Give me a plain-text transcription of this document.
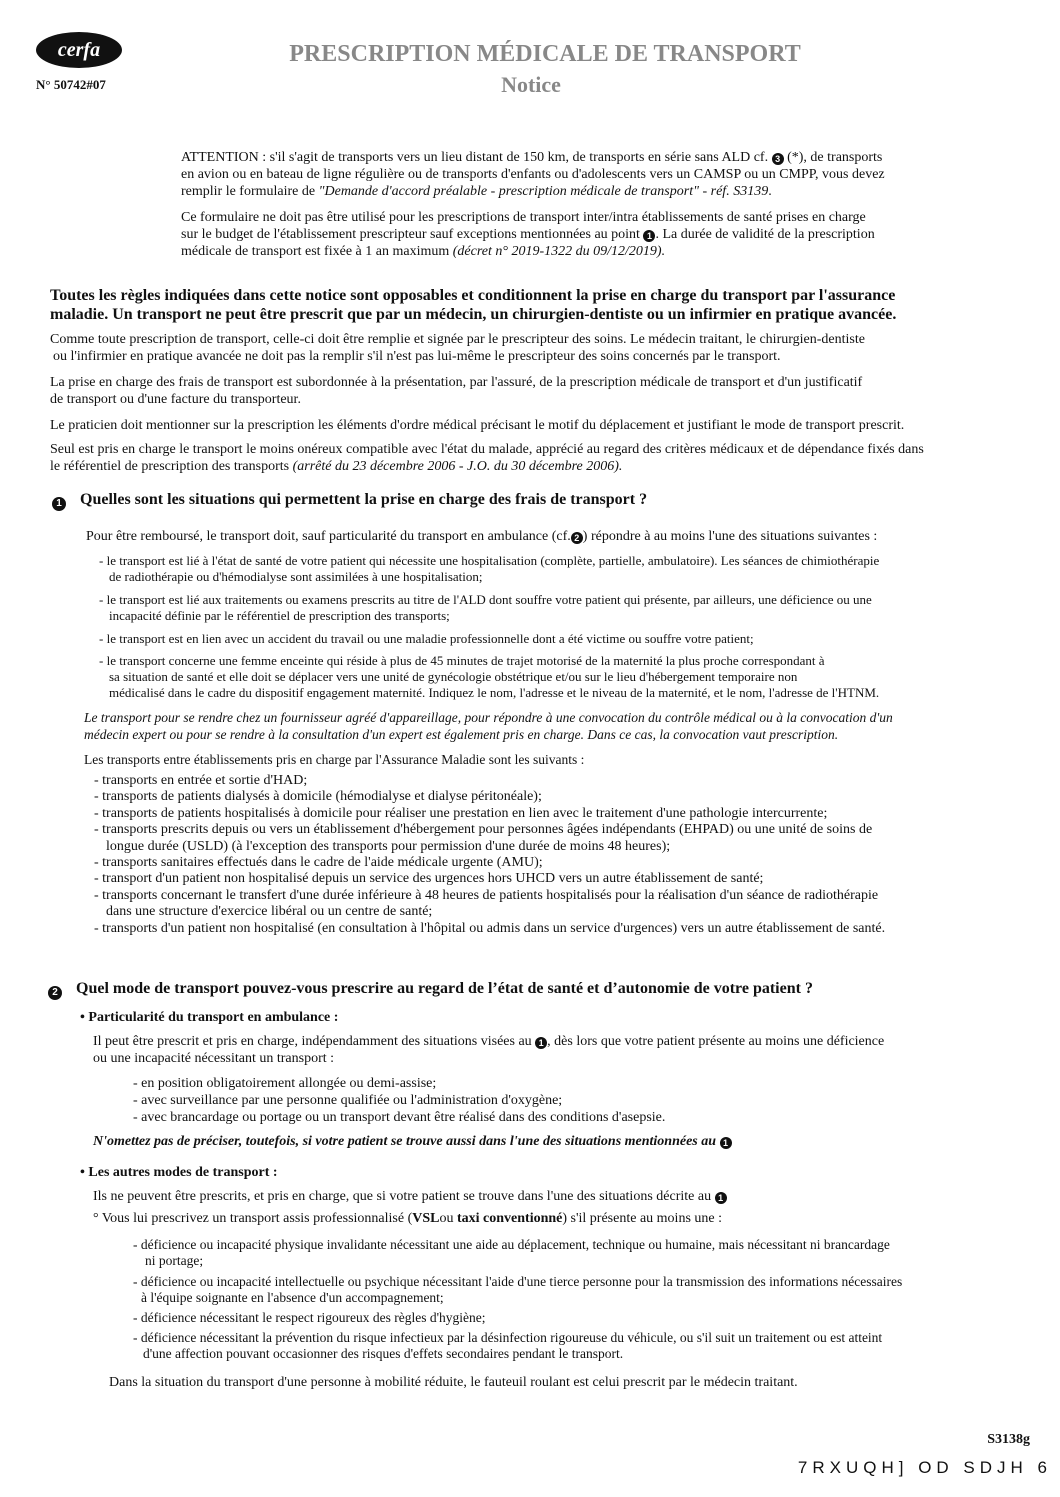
cerfa
N° 50742#07
PRESCRIPTION MÉDICALE DE TRANSPORT
Notice
ATTENTION : s'il s'agit de transports vers un lieu distant de 150 km, de transports en série sans ALD cf. 3 (*), de transports
en avion ou en bateau de ligne régulière ou de transports d'enfants ou d'adolescents vers un CAMSP ou un CMPP, vous devez
remplir le formulaire de "Demande d'accord préalable - prescription médicale de transport" - réf. S3139.
Ce formulaire ne doit pas être utilisé pour les prescriptions de transport inter/intra établissements de santé prises en charge
sur le budget de l'établissement prescripteur sauf exceptions mentionnées au point 1 . La durée de validité de la prescription
médicale de transport est fixée à 1 an maximum (décret n° 2019-1322 du 09/12/2019).
Toutes les règles indiquées dans cette notice sont opposables et conditionnent la prise en charge du transport par l'assurance
maladie. Un transport ne peut être prescrit que par un médecin, un chirurgien-dentiste ou un infirmier en pratique avancée.
Comme toute prescription de transport, celle-ci doit être remplie et signée par le prescripteur des soins. Le médecin traitant, le chirurgien-dentiste
ou l'infirmier en pratique avancée ne doit pas la remplir s'il n'est pas lui-même le prescripteur des soins concernés par le transport.
La prise en charge des frais de transport est subordonnée à la présentation, par l'assuré, de la prescription médicale de transport et d'un justificatif
de transport ou d'une facture du transporteur.
Le praticien doit mentionner sur la prescription les éléments d'ordre médical précisant le motif du déplacement et justifiant le mode de transport prescrit.
Seul est pris en charge le transport le moins onéreux compatible avec l'état du malade, apprécié au regard des critères médicaux et de dépendance fixés dans
le référentiel de prescription des transports (arrêté du 23 décembre 2006 - J.O. du 30 décembre 2006).
1 Quelles sont les situations qui permettent la prise en charge des frais de transport ?
Pour être remboursé, le transport doit, sauf particularité du transport en ambulance (cf. 2 ) répondre à au moins l'une des situations suivantes :
- le transport est lié à l'état de santé de votre patient qui nécessite une hospitalisation (complète, partielle, ambulatoire). Les séances de chimiothérapie
de radiothérapie ou d'hémodialyse sont assimilées à une hospitalisation;
- le transport est lié aux traitements ou examens prescrits au titre de l'ALD dont souffre votre patient qui présente, par ailleurs, une déficience ou une
incapacité définie par le référentiel de prescription des transports;
- le transport est en lien avec un accident du travail ou une maladie professionnelle dont a été victime ou souffre votre patient;
- le transport concerne une femme enceinte qui réside à plus de 45 minutes de trajet motorisé de la maternité la plus proche correspondant à
sa situation de santé et elle doit se déplacer vers une unité de gynécologie obstétrique et/ou sur le lieu d'hébergement temporaire non
médicalisé dans le cadre du dispositif engagement maternité. Indiquez le nom, l'adresse et le niveau de la maternité, et le nom, l'adresse de l'HTNM.
Le transport pour se rendre chez un fournisseur agréé d'appareillage, pour répondre à une convocation du contrôle médical ou à la convocation d'un
médecin expert ou pour se rendre à la consultation d'un expert est également pris en charge. Dans ce cas, la convocation vaut prescription.
Les transports entre établissements pris en charge par l'Assurance Maladie sont les suivants :
- transports en entrée et sortie d'HAD;
- transports de patients dialysés à domicile (hémodialyse et dialyse péritonéale);
- transports de patients hospitalisés à domicile pour réaliser une prestation en lien avec le traitement d'une pathologie intercurrente;
- transports prescrits depuis ou vers un établissement d'hébergement pour personnes âgées indépendants (EHPAD) ou une unité de soins de
longue durée (USLD) (à l'exception des transports pour permission d'une durée de moins 48 heures);
- transports sanitaires effectués dans le cadre de l'aide médicale urgente (AMU);
- transport d'un patient non hospitalisé depuis un service des urgences hors UHCD vers un autre établissement de santé;
- transports concernant le transfert d'une durée inférieure à 48 heures de patients hospitalisés pour la réalisation d'un séance de radiothérapie
dans une structure d'exercice libéral ou un centre de santé;
- transports d'un patient non hospitalisé (en consultation à l'hôpital ou admis dans un service d'urgences) vers un autre établissement de santé.
2 Quel mode de transport pouvez-vous prescrire au regard de l’état de santé et d’autonomie de votre patient ?
• Particularité du transport en ambulance :
Il peut être prescrit et pris en charge, indépendamment des situations visées au 1 , dès lors que votre patient présente au moins une déficience
ou une incapacité nécessitant un transport :
- en position obligatoirement allongée ou demi-assise;
- avec surveillance par une personne qualifiée ou l'administration d'oxygène;
- avec brancardage ou portage ou un transport devant être réalisé dans des conditions d'asepsie.
N'omettez pas de préciser, toutefois, si votre patient se trouve aussi dans l'une des situations mentionnées au 1
• Les autres modes de transport :
Ils ne peuvent être prescrits, et pris en charge, que si votre patient se trouve dans l'une des situations décrite au 1
° Vous lui prescrivez un transport assis professionnalisé (VSLou taxi conventionné) s'il présente au moins une :
- déficience ou incapacité physique invalidante nécessitant une aide au déplacement, technique ou humaine, mais nécessitant ni brancardage
ni portage;
- déficience ou incapacité intellectuelle ou psychique nécessitant l'aide d'une tierce personne pour la transmission des informations nécessaires
à l'équipe soignante en l'absence d'un accompagnement;
- déficience nécessitant le respect rigoureux des règles d'hygiène;
- déficience nécessitant la prévention du risque infectieux par la désinfection rigoureuse du véhicule, ou s'il suit un traitement ou est atteint
d'une affection pouvant occasionner des risques d'effets secondaires pendant le transport.
Dans la situation du transport d'une personne à mobilité réduite, le fauteuil roulant est celui prescrit par le médecin traitant.
S3138g
7RXUQH] OD SDJH 6
